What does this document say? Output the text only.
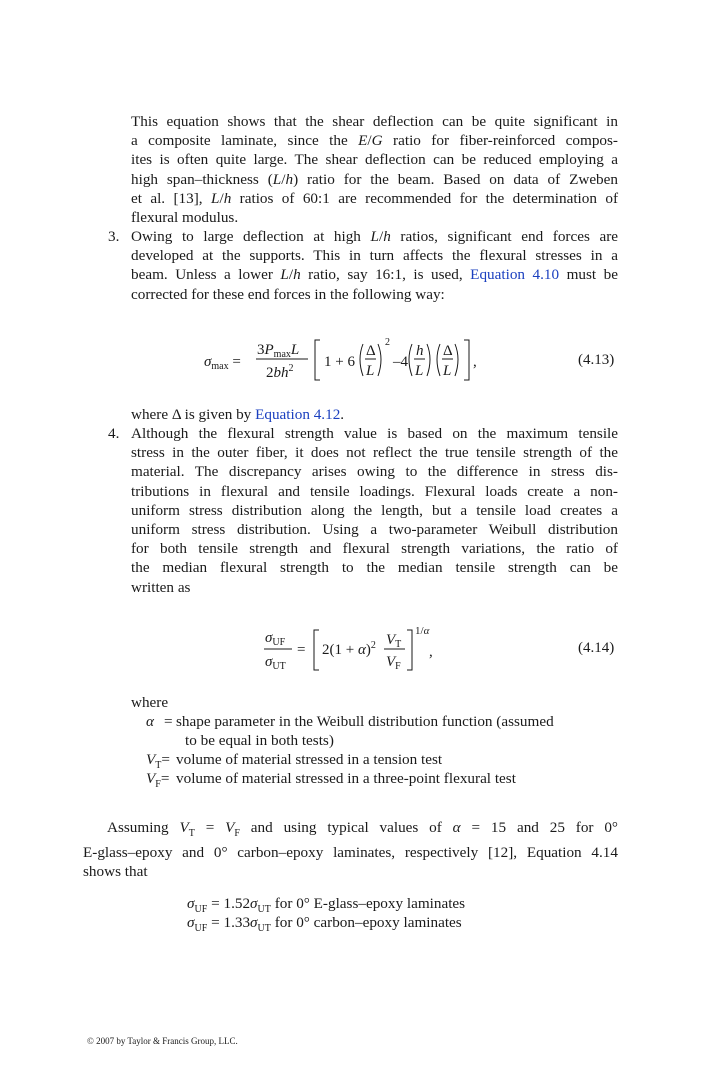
This equation shows that the shear deflection can be quite significant in
a composite laminate, since the E/G ratio for fiber-reinforced compos-
ites is often quite large. The shear deflection can be reduced employing a
high span–thickness (L/h) ratio for the beam. Based on data of Zweben
et al. [13], L/h ratios of 60:1 are recommended for the determination of
flexural modulus.
3. Owing to large deflection at high L/h ratios, significant end forces are
developed at the supports. This in turn affects the flexural stresses in a
beam. Unless a lower L/h ratio, say 16:1, is used, Equation 4.10 must be
corrected for these end forces in the following way:
$\sigma_{max}$ =
$3P_{max}L$
$2bh^2$ 1 + 6
Δ
L
2
–4
h
L
Δ
L
,	(4.13)
where Δ is given by Equation 4.12.
4. Although the flexural strength value is based on the maximum tensile
stress in the outer fiber, it does not reflect the true tensile strength of the
material. The discrepancy arises owing to the difference in stress dis-
tributions in flexural and tensile loadings. Flexural loads create a non-
uniform stress distribution along the length, but a tensile load creates a
uniform stress distribution. Using a two-parameter Weibull distribution
for both tensile strength and flexural strength variations, the ratio of
the median flexural strength to the median tensile strength can be
written as
$\sigma_{UF}$
$\sigma_{UT}$
= $2(1 + \alpha)^2$ $V_T$
$V_F$
1/α
,	(4.14)
where
α = shape parameter in the Weibull distribution function (assumed
to be equal in both tests)
$V_T=$ volume of material stressed in a tension test
$V_F=$ volume of material stressed in a three-point flexural test
Assuming $V_T = V_F$ and using typical values of α = 15 and 25 for 0°
E-glass–epoxy and 0° carbon–epoxy laminates, respectively [12], Equation 4.14
shows that
$\sigma_{UF} = 1.52\sigma_{UT}$ for 0° E-glass–epoxy laminates
$\sigma_{UF} = 1.33\sigma_{UT}$ for 0° carbon–epoxy laminates
© 2007 by Taylor & Francis Group, LLC.
